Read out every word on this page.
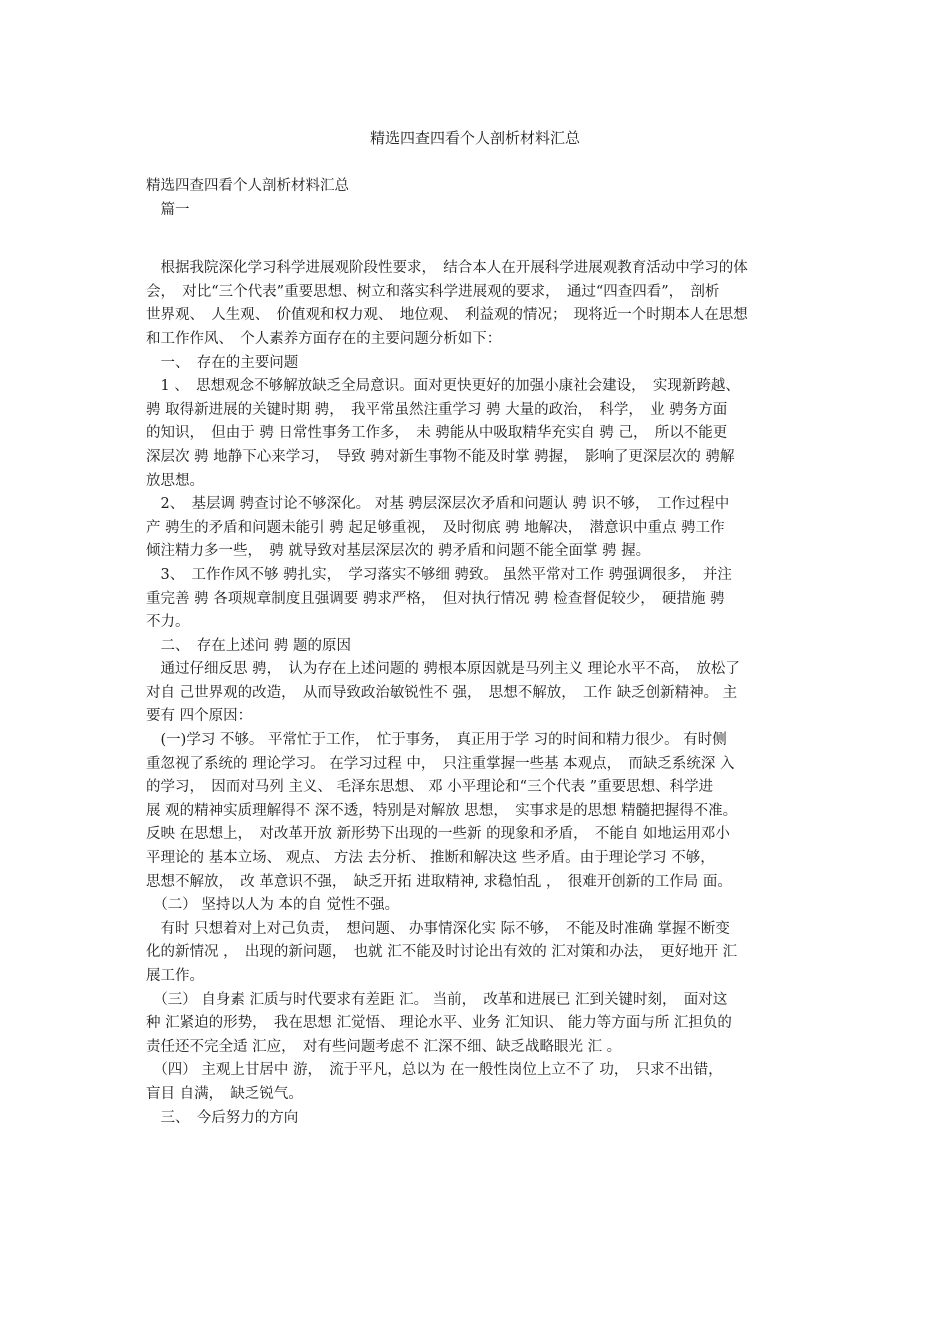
精选四查四看个人剖析材料汇总
精选四查四看个人剖析材料汇总
　篇一
　根据我院深化学习科学进展观阶段性要求，　结合本人在开展科学进展观教育活动中学习的体
会，　对比“三个代表”重要思想、树立和落实科学进展观的要求，　通过“四查四看”，　剖析
世界观、　人生观、　价值观和权力观、　地位观、　利益观的情况；　现将近一个时期本人在思想
和工作作风、　个人素养方面存在的主要问题分析如下：
　一、　存在的主要问题
　1 、　思想观念不够解放缺乏全局意识。面对更快更好的加强小康社会建设，　实现新跨越、
骋 取得新进展的关键时期 骋，　我平常虽然注重学习 骋 大量的政治，　科学，　业 骋务方面
的知识，　但由于 骋 日常性事务工作多，　未 骋能从中吸取精华充实自 骋 己，　所以不能更
深层次 骋 地静下心来学习，　导致 骋对新生事物不能及时掌 骋握，　影响了更深层次的 骋解
放思想。
　2、　基层调 骋查讨论不够深化。 对基 骋层深层次矛盾和问题认 骋 识不够，　工作过程中
产 骋生的矛盾和问题未能引 骋 起足够重视，　及时彻底 骋 地解决，　潜意识中重点 骋工作
倾注精力多一些，　骋 就导致对基层深层次的 骋矛盾和问题不能全面掌 骋 握。
　3、　工作作风不够 骋扎实，　学习落实不够细 骋致。 虽然平常对工作 骋强调很多，　并注
重完善 骋 各项规章制度且强调要 骋求严格，　但对执行情况 骋 检查督促较少，　硬措施 骋
不力。
　二、　存在上述问 骋 题的原因
　通过仔细反思 骋，　认为存在上述问题的 骋根本原因就是马列主义 理论水平不高，　放松了
对自 己世界观的改造，　从而导致政治敏锐性不 强，　思想不解放，　工作 缺乏创新精神。 主
要有 四个原因：
　(一)学习 不够。 平常忙于工作，　忙于事务，　真正用于学 习的时间和精力很少。 有时侧
重忽视了系统的 理论学习。 在学习过程 中，　只注重掌握一些基 本观点，　而缺乏系统深 入
的学习，　因而对马列 主义、 毛泽东思想、 邓 小平理论和“三个代表 ”重要思想、科学进
展 观的精神实质理解得不 深不透，特别是对解放 思想，　实事求是的思想 精髓把握得不准。
反映 在思想上，　对改革开放 新形势下出现的一些新 的现象和矛盾，　不能自 如地运用邓小
平理论的 基本立场、 观点、 方法 去分析、 推断和解决这 些矛盾。由于理论学习 不够，
思想不解放，　改 革意识不强，　缺乏开拓 进取精神, 求稳怕乱 ，　很难开创新的工作局 面。
　（二） 坚持以人为 本的自 觉性不强。
　有时 只想着对上对己负责，　想问题、 办事情深化实 际不够，　不能及时准确 掌握不断变
化的新情况 ，　出现的新问题，　也就 汇不能及时讨论出有效的 汇对策和办法，　更好地开 汇
展工作。
　（三） 自身素 汇质与时代要求有差距 汇。 当前，　改革和进展已 汇到关键时刻，　面对这
种 汇紧迫的形势，　我在思想 汇觉悟、 理论水平、业务 汇知识、 能力等方面与所 汇担负的
责任还不完全适 汇应，　对有些问题考虑不 汇深不细、缺乏战略眼光 汇 。
　（四） 主观上甘居中 游，　流于平凡，总以为 在一般性岗位上立不了 功，　只求不出错，
盲目 自满，　缺乏锐气。
　三、　今后努力的方向
